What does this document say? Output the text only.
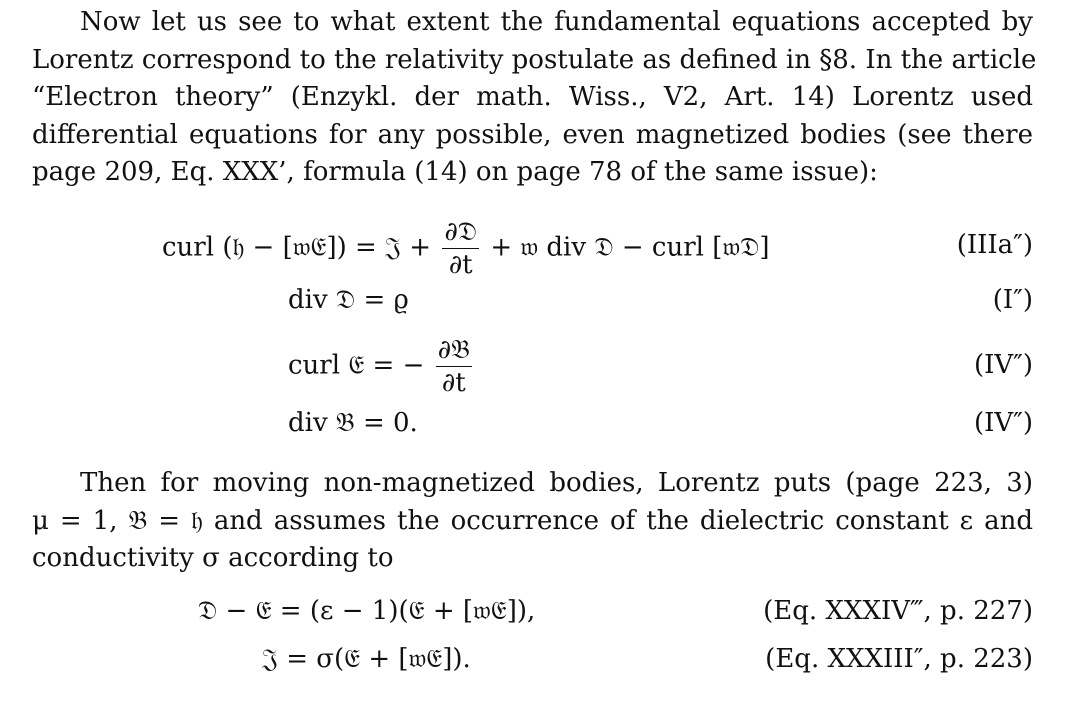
Now let us see to what extent the fundamental equations accepted by
Lorentz correspond to the relativity postulate as defined in §8. In the article
“Electron theory” (Enzykl. der math. Wiss., V2, Art. 14) Lorentz used
differential equations for any possible, even magnetized bodies (see there
page 209, Eq. XXX’, formula (14) on page 78 of the same issue):
curl (𝔥 − [𝔴𝔈]) = 𝔍 + $\frac{\text{∂𝔇}}{\partial t}$ + 𝔴 div 𝔇 − curl [𝔴𝔇]	(IIIa″)
div 𝔇 = ϱ	(I″)
curl 𝔈 = − $\frac{\text{∂𝔅}}{\partial t}$	(IV″)
div 𝔅 = 0.	(IV″)
Then for moving non-magnetized bodies, Lorentz puts (page 223, 3)
μ = 1, 𝔅 = 𝔥 and assumes the occurrence of the dielectric constant ε and
conductivity σ according to
𝔇 − 𝔈 = (ε − 1)(𝔈 + [𝔴𝔈]),	(Eq. XXXIV‴, p. 227)
𝔍 = σ(𝔈 + [𝔴𝔈]).	(Eq. XXXIII″, p. 223)
